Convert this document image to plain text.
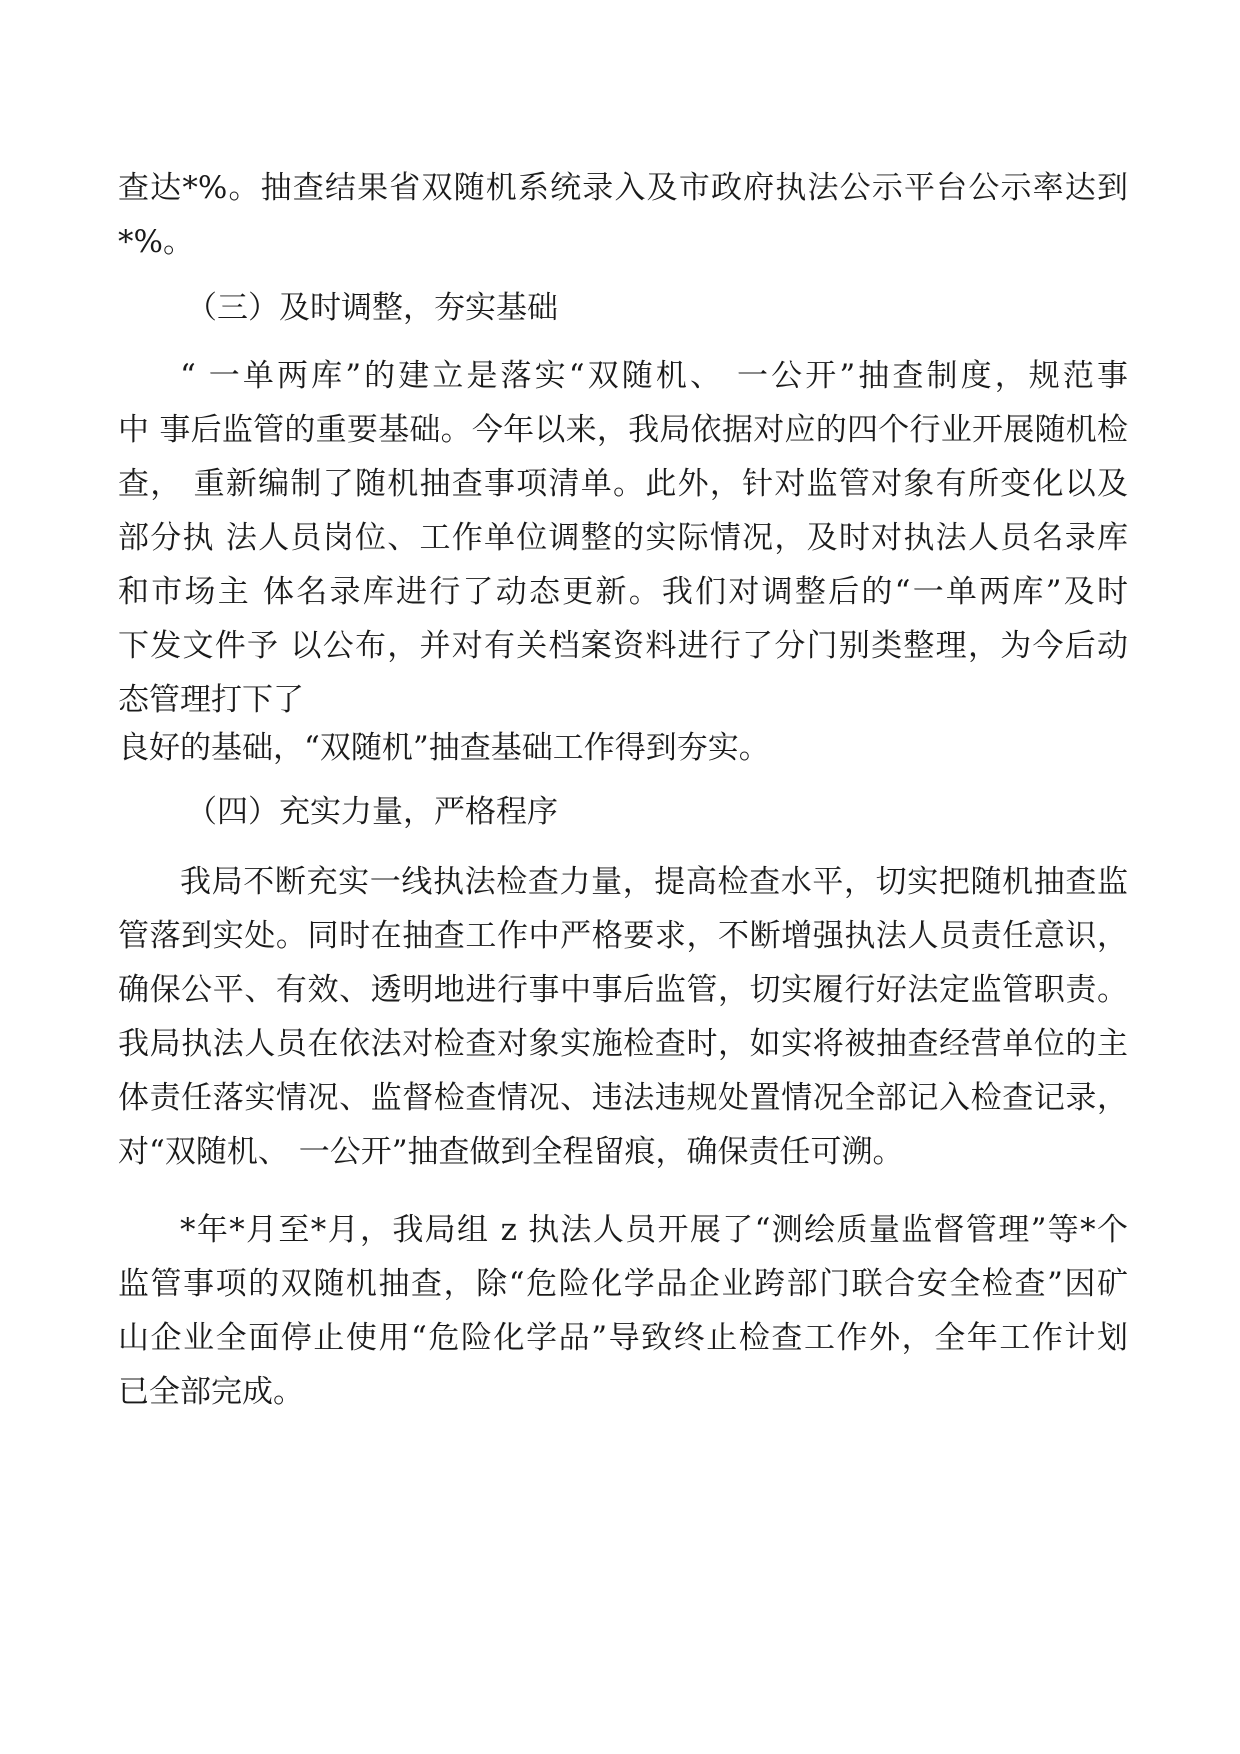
查达*%。抽查结果省双随机系统录入及市政府执法公示平台公示率达到
*%。
（三）及时调整，夯实基础
“ 一单两库”的建立是落实“双随机、 一公开”抽查制度，规范事
中 事后监管的重要基础。今年以来，我局依据对应的四个行业开展随机检
查， 重新编制了随机抽查事项清单。此外，针对监管对象有所变化以及
部分执 法人员岗位、工作单位调整的实际情况，及时对执法人员名录库
和市场主 体名录库进行了动态更新。我们对调整后的“一单两库”及时
下发文件予 以公布，并对有关档案资料进行了分门别类整理，为今后动
态管理打下了
良好的基础，“双随机”抽查基础工作得到夯实。
（四）充实力量，严格程序
我局不断充实一线执法检查力量，提高检查水平，切实把随机抽查监
管落到实处。同时在抽查工作中严格要求，不断增强执法人员责任意识，
确保公平、有效、透明地进行事中事后监管，切实履行好法定监管职责。
我局执法人员在依法对检查对象实施检查时，如实将被抽查经营单位的主
体责任落实情况、监督检查情况、违法违规处置情况全部记入检查记录，
对“双随机、 一公开”抽查做到全程留痕，确保责任可溯。
*年*月至*月，我局组 z 执法人员开展了“测绘质量监督管理”等*个
监管事项的双随机抽查，除“危险化学品企业跨部门联合安全检查”因矿
山企业全面停止使用“危险化学品”导致终止检查工作外，全年工作计划
已全部完成。
